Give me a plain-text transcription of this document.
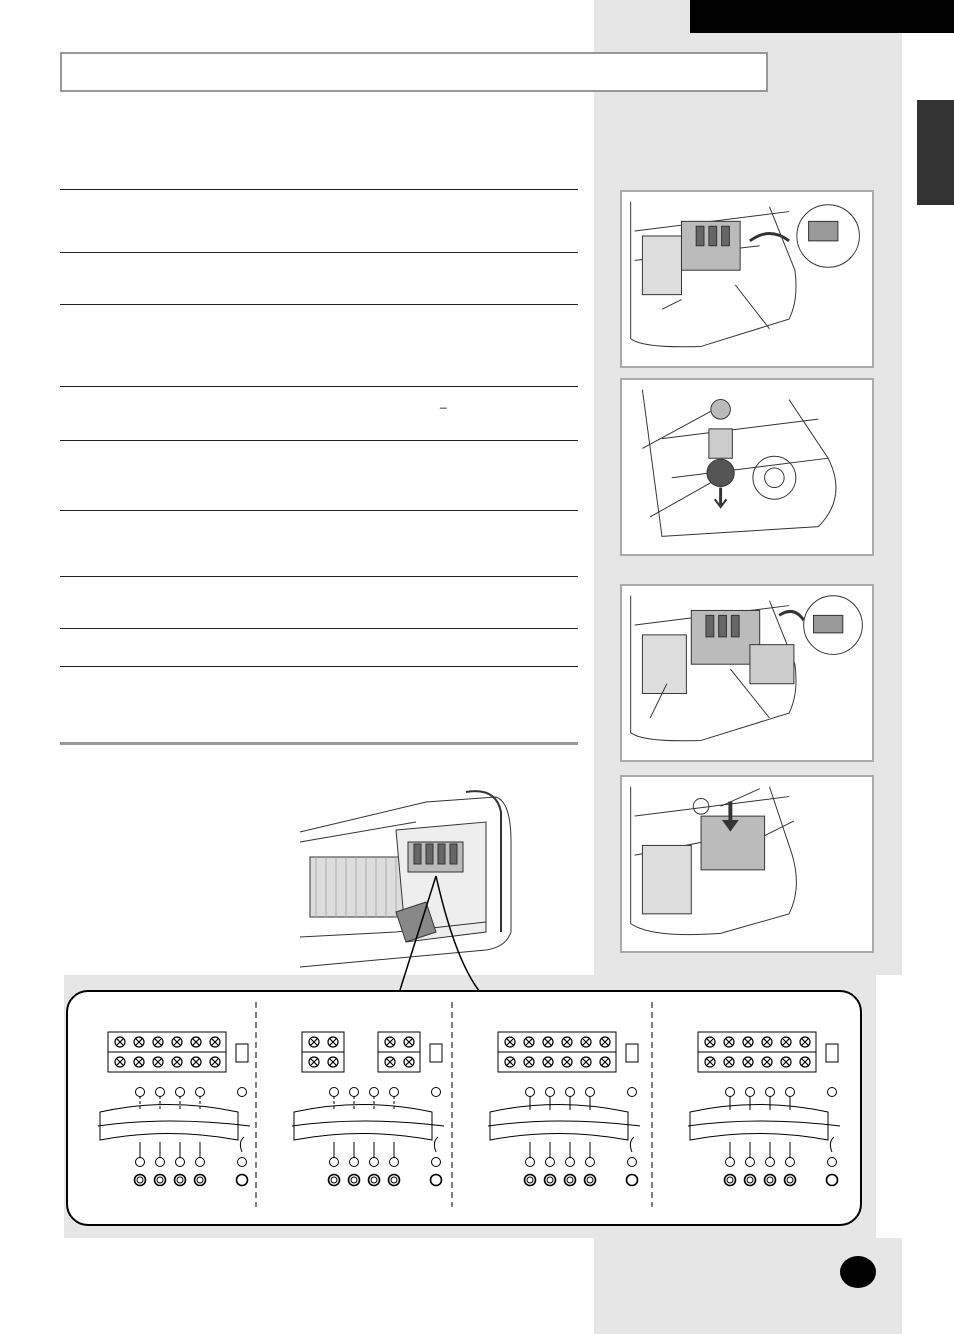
_
